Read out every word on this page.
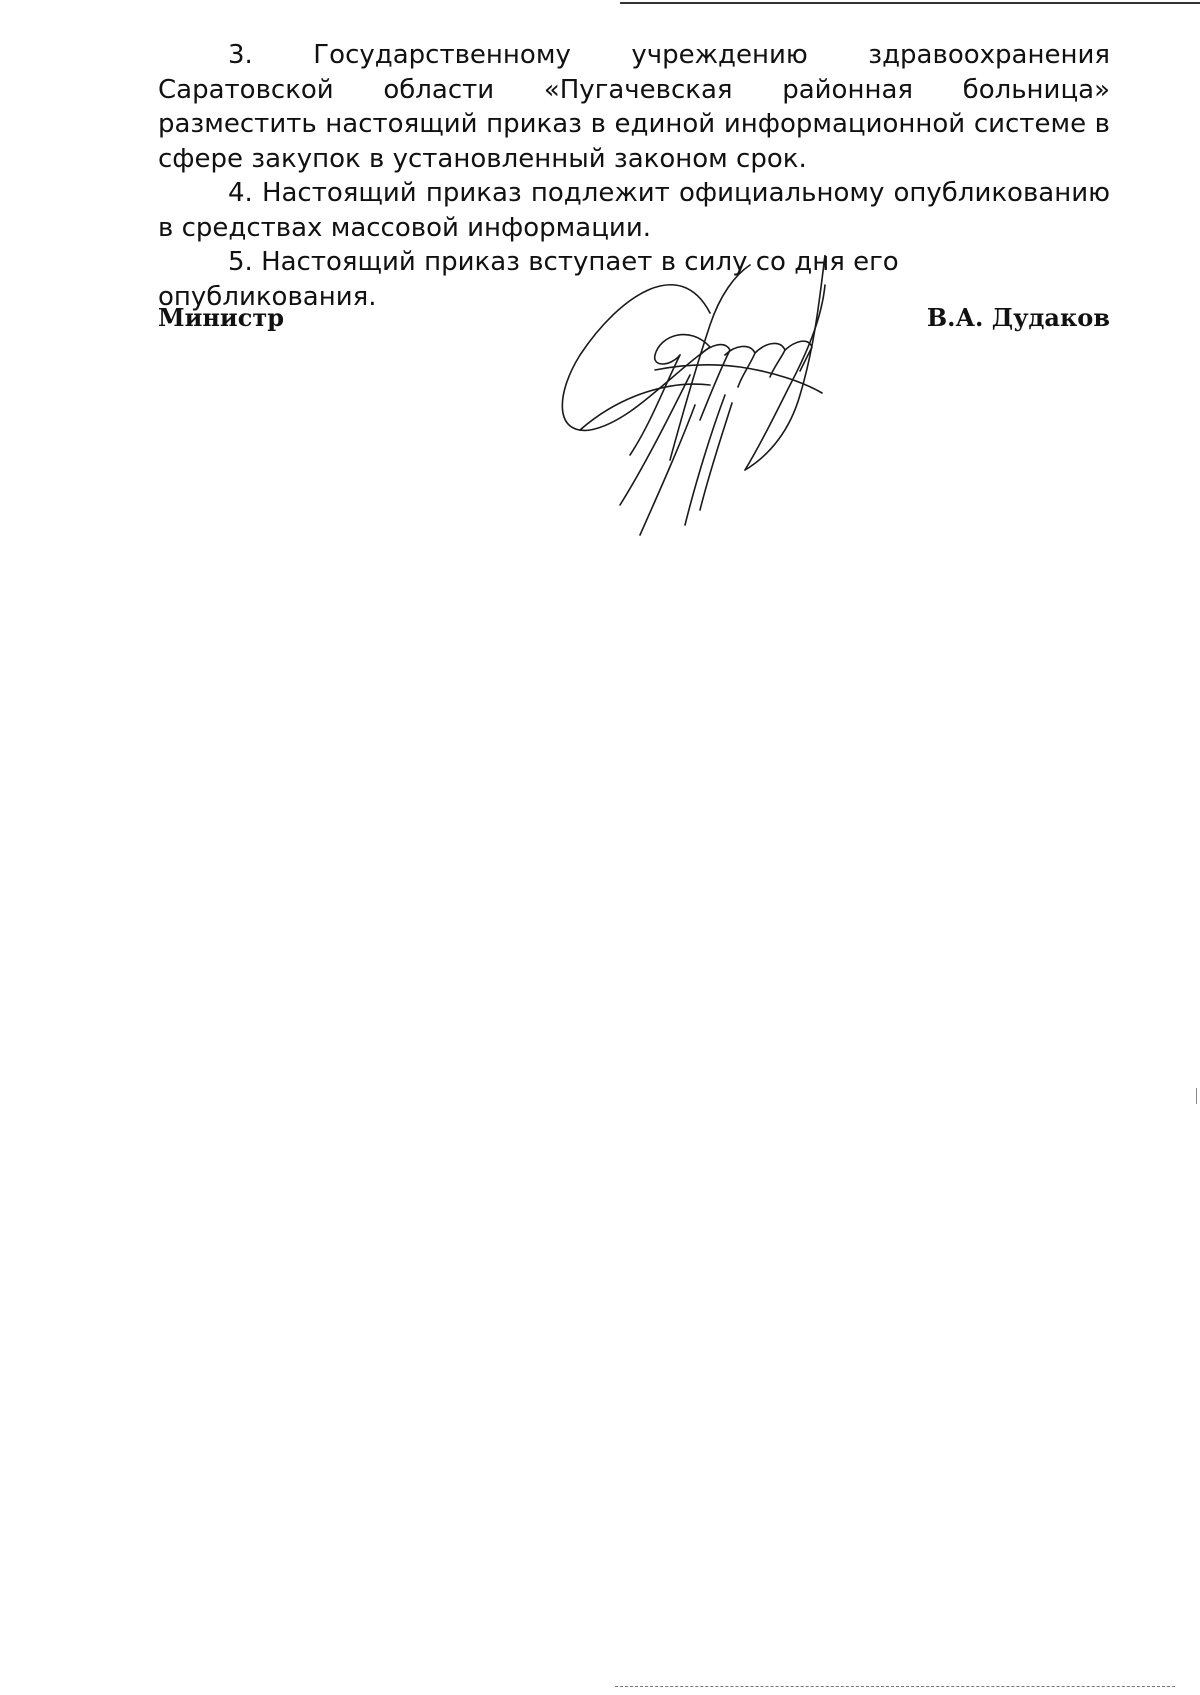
3. Государственному учреждению здравоохранения Саратовской области «Пугачевская районная больница» разместить настоящий приказ в единой информационной системе в сфере закупок в установленный законом срок.

4. Настоящий приказ подлежит официальному опубликованию в средствах массовой информации.

5. Настоящий приказ вступает в силу со дня его опубликования.

Министр	В.А. Дудаков
